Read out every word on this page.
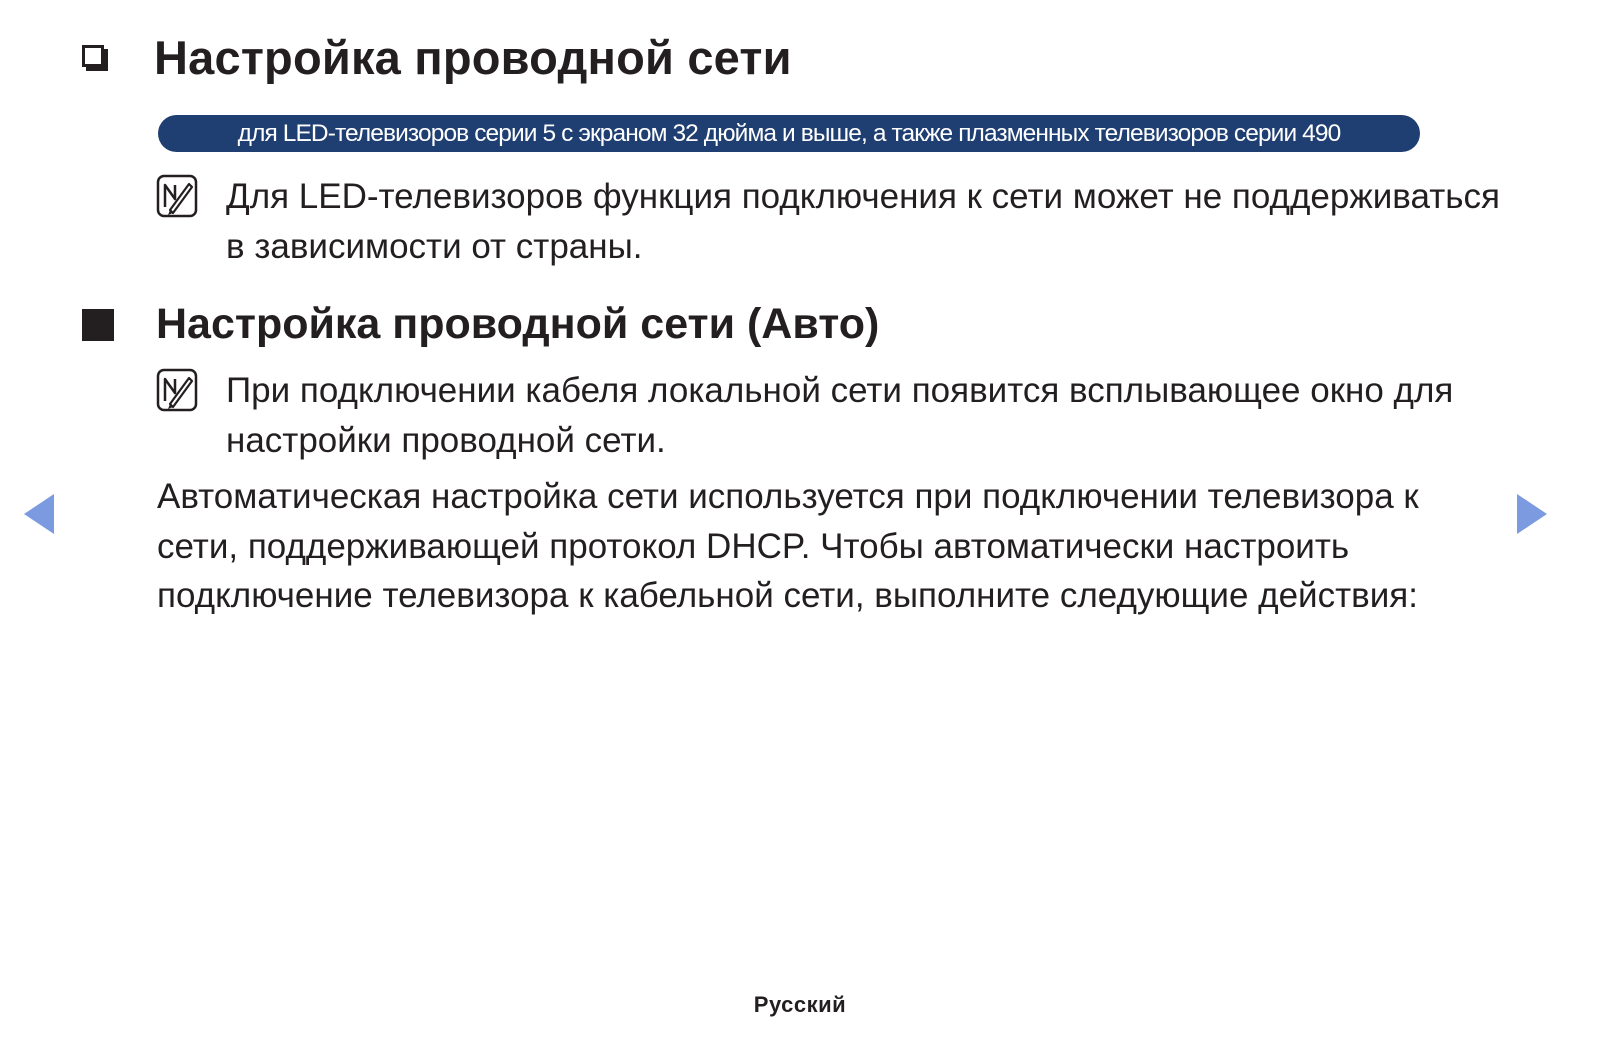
Настройка проводной сети
для LED-телевизоров серии 5 с экраном 32 дюйма и выше, а также плазменных телевизоров серии 490
Для LED-телевизоров функция подключения к сети может не поддерживаться в зависимости от страны.
Настройка проводной сети (Авто)
При подключении кабеля локальной сети появится всплывающее окно для настройки проводной сети.
Автоматическая настройка сети используется при подключении телевизора к сети, поддерживающей протокол DHCP. Чтобы автоматически настроить подключение телевизора к кабельной сети, выполните следующие действия:
Русский
